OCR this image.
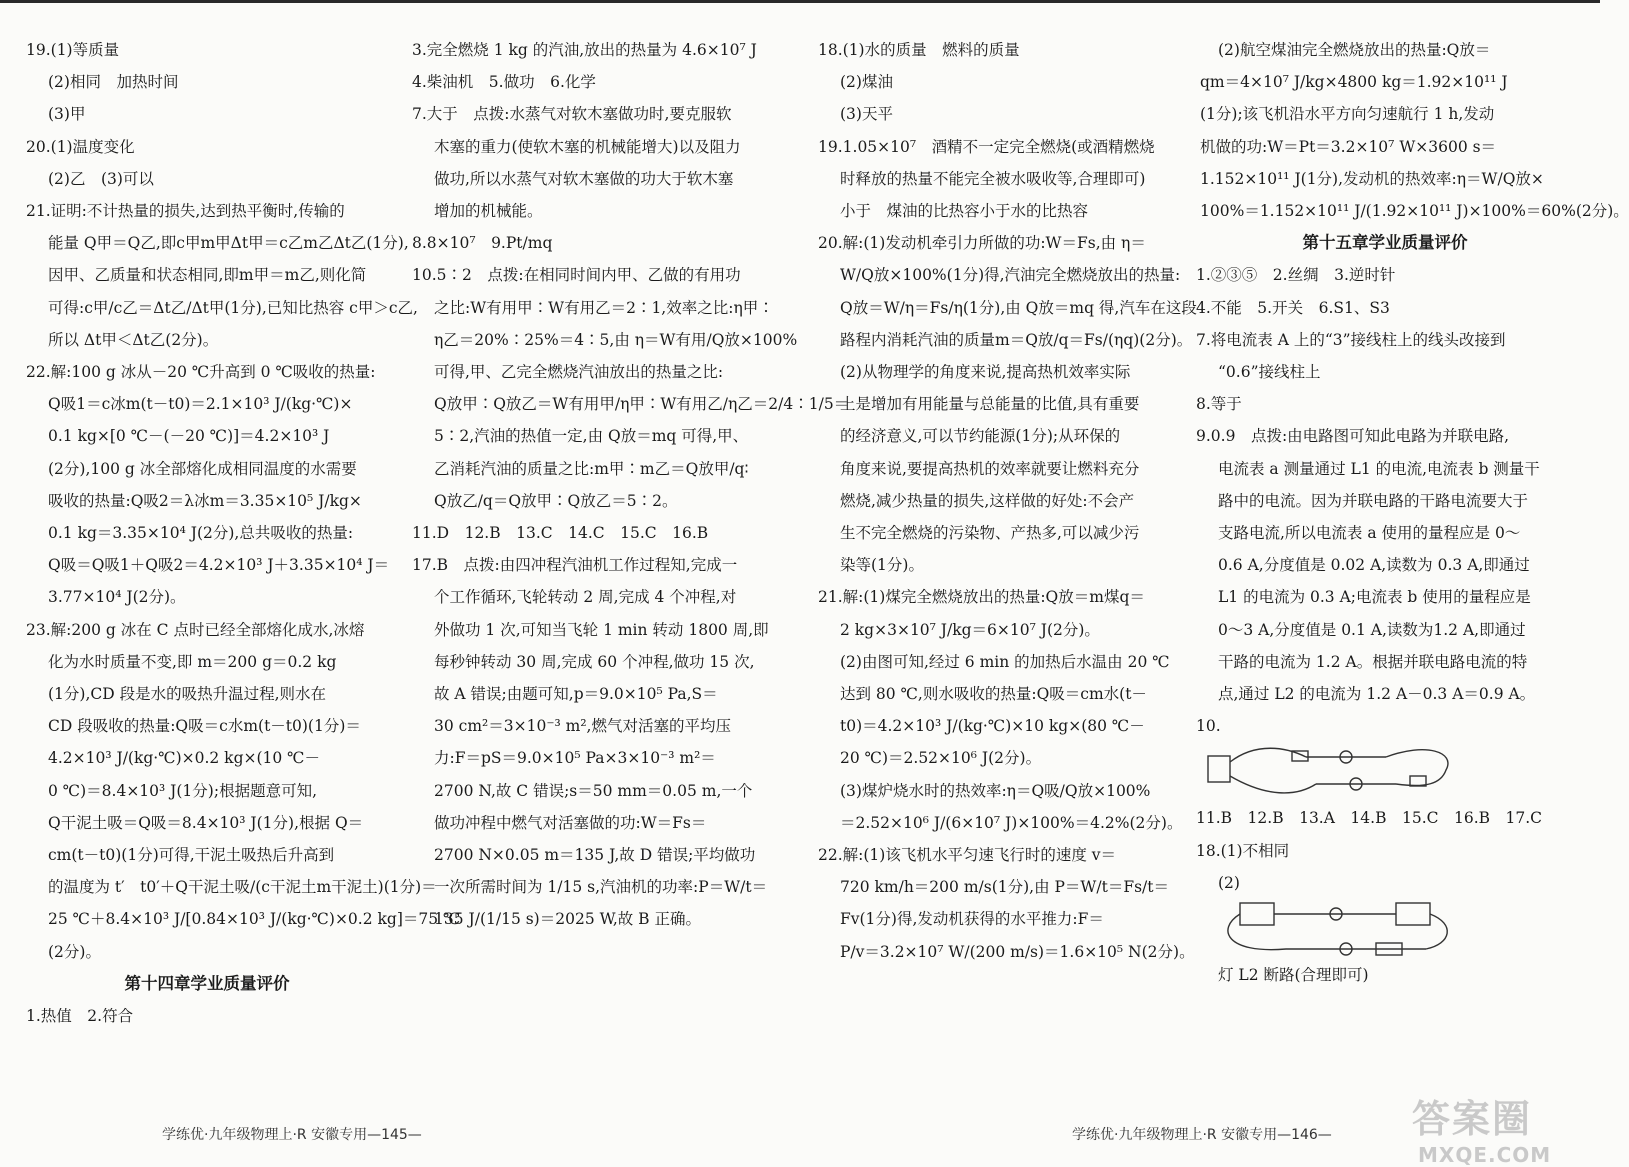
19.(1)等质量
(2)相同　加热时间
(3)甲
20.(1)温度变化
(2)乙　(3)可以
21.证明:不计热量的损失,达到热平衡时,传输的
能量 Q甲＝Q乙,即c甲m甲Δt甲＝c乙m乙Δt乙(1分),
因甲、乙质量和状态相同,即m甲＝m乙,则化简
可得:c甲/c乙＝Δt乙/Δt甲(1分),已知比热容 c甲＞c乙,
所以 Δt甲＜Δt乙(2分)。
22.解:100 g 冰从－20 ℃升高到 0 ℃吸收的热量:
Q吸1＝c冰m(t－t0)＝2.1×10³ J/(kg·℃)×
0.1 kg×[0 ℃－(－20 ℃)]＝4.2×10³ J
(2分),100 g 冰全部熔化成相同温度的水需要
吸收的热量:Q吸2＝λ冰m＝3.35×10⁵ J/kg×
0.1 kg＝3.35×10⁴ J(2分),总共吸收的热量:
Q吸＝Q吸1＋Q吸2＝4.2×10³ J＋3.35×10⁴ J＝
3.77×10⁴ J(2分)。
23.解:200 g 冰在 C 点时已经全部熔化成水,冰熔
化为水时质量不变,即 m＝200 g＝0.2 kg
(1分),CD 段是水的吸热升温过程,则水在
CD 段吸收的热量:Q吸＝c水m(t－t0)(1分)＝
4.2×10³ J/(kg·℃)×0.2 kg×(10 ℃－
0 ℃)＝8.4×10³ J(1分);根据题意可知,
Q干泥土吸＝Q吸＝8.4×10³ J(1分),根据 Q＝
cm(t－t0)(1分)可得,干泥土吸热后升高到
的温度为 t′　t0′＋Q干泥土吸/(c干泥土m干泥土)(1分)＝
25 ℃＋8.4×10³ J/[0.84×10³ J/(kg·℃)×0.2 kg]＝75 ℃
(2分)。
第十四章学业质量评价
1.热值　2.符合
3.完全燃烧 1 kg 的汽油,放出的热量为 4.6×10⁷ J
4.柴油机　5.做功　6.化学
7.大于　点拨:水蒸气对软木塞做功时,要克服软
木塞的重力(使软木塞的机械能增大)以及阻力
做功,所以水蒸气对软木塞做的功大于软木塞
增加的机械能。
8.8×10⁷　9.Pt/mq
10.5∶2　点拨:在相同时间内甲、乙做的有用功
之比:W有用甲∶W有用乙＝2∶1,效率之比:η甲∶
η乙＝20%∶25%＝4∶5,由 η＝W有用/Q放×100%
可得,甲、乙完全燃烧汽油放出的热量之比:
Q放甲∶Q放乙＝W有用甲/η甲∶W有用乙/η乙＝2/4∶1/5＝
5∶2,汽油的热值一定,由 Q放＝mq 可得,甲、
乙消耗汽油的质量之比:m甲∶m乙＝Q放甲/q∶
Q放乙/q＝Q放甲∶Q放乙＝5∶2。
11.D　12.B　13.C　14.C　15.C　16.B
17.B　点拨:由四冲程汽油机工作过程知,完成一
个工作循环,飞轮转动 2 周,完成 4 个冲程,对
外做功 1 次,可知当飞轮 1 min 转动 1800 周,即
每秒钟转动 30 周,完成 60 个冲程,做功 15 次,
故 A 错误;由题可知,p＝9.0×10⁵ Pa,S＝
30 cm²＝3×10⁻³ m²,燃气对活塞的平均压
力:F＝pS＝9.0×10⁵ Pa×3×10⁻³ m²＝
2700 N,故 C 错误;s＝50 mm＝0.05 m,一个
做功冲程中燃气对活塞做的功:W＝Fs＝
2700 N×0.05 m＝135 J,故 D 错误;平均做功
一次所需时间为 1/15 s,汽油机的功率:P＝W/t＝
135 J/(1/15 s)＝2025 W,故 B 正确。
18.(1)水的质量　燃料的质量
(2)煤油
(3)天平
19.1.05×10⁷　酒精不一定完全燃烧(或酒精燃烧
时释放的热量不能完全被水吸收等,合理即可)
小于　煤油的比热容小于水的比热容
20.解:(1)发动机牵引力所做的功:W＝Fs,由 η＝
W/Q放×100%(1分)得,汽油完全燃烧放出的热量:
Q放＝W/η＝Fs/η(1分),由 Q放＝mq 得,汽车在这段
路程内消耗汽油的质量m＝Q放/q＝Fs/(ηq)(2分)。
(2)从物理学的角度来说,提高热机效率实际
上是增加有用能量与总能量的比值,具有重要
的经济意义,可以节约能源(1分);从环保的
角度来说,要提高热机的效率就要让燃料充分
燃烧,减少热量的损失,这样做的好处:不会产
生不完全燃烧的污染物、产热多,可以减少污
染等(1分)。
21.解:(1)煤完全燃烧放出的热量:Q放＝m煤q＝
2 kg×3×10⁷ J/kg＝6×10⁷ J(2分)。
(2)由图可知,经过 6 min 的加热后水温由 20 ℃
达到 80 ℃,则水吸收的热量:Q吸＝cm水(t－
t0)＝4.2×10³ J/(kg·℃)×10 kg×(80 ℃－
20 ℃)＝2.52×10⁶ J(2分)。
(3)煤炉烧水时的热效率:η＝Q吸/Q放×100%
＝2.52×10⁶ J/(6×10⁷ J)×100%＝4.2%(2分)。
22.解:(1)该飞机水平匀速飞行时的速度 v＝
720 km/h＝200 m/s(1分),由 P＝W/t＝Fs/t＝
Fv(1分)得,发动机获得的水平推力:F＝
P/v＝3.2×10⁷ W/(200 m/s)＝1.6×10⁵ N(2分)。
(2)航空煤油完全燃烧放出的热量:Q放＝
qm＝4×10⁷ J/kg×4800 kg＝1.92×10¹¹ J
(1分);该飞机沿水平方向匀速航行 1 h,发动
机做的功:W＝Pt＝3.2×10⁷ W×3600 s＝
1.152×10¹¹ J(1分),发动机的热效率:η＝W/Q放×
100%＝1.152×10¹¹ J/(1.92×10¹¹ J)×100%＝60%(2分)。
第十五章学业质量评价
1.②③⑤　2.丝绸　3.逆时针
4.不能　5.开关　6.S1、S3
7.将电流表 A 上的“3”接线柱上的线头改接到
“0.6”接线柱上
8.等于
9.0.9　点拨:由电路图可知此电路为并联电路,
电流表 a 测量通过 L1 的电流,电流表 b 测量干
路中的电流。因为并联电路的干路电流要大于
支路电流,所以电流表 a 使用的量程应是 0～
0.6 A,分度值是 0.02 A,读数为 0.3 A,即通过
L1 的电流为 0.3 A;电流表 b 使用的量程应是
0～3 A,分度值是 0.1 A,读数为1.2 A,即通过
干路的电流为 1.2 A。根据并联电路电流的特
点,通过 L2 的电流为 1.2 A－0.3 A＝0.9 A。
10.
11.B　12.B　13.A　14.B　15.C　16.B　17.C
18.(1)不相同
(2)
灯 L2 断路(合理即可)
学练优·九年级物理上·R 安徽专用—145—	学练优·九年级物理上·R 安徽专用—146— 答案圈
MXQE.COM
